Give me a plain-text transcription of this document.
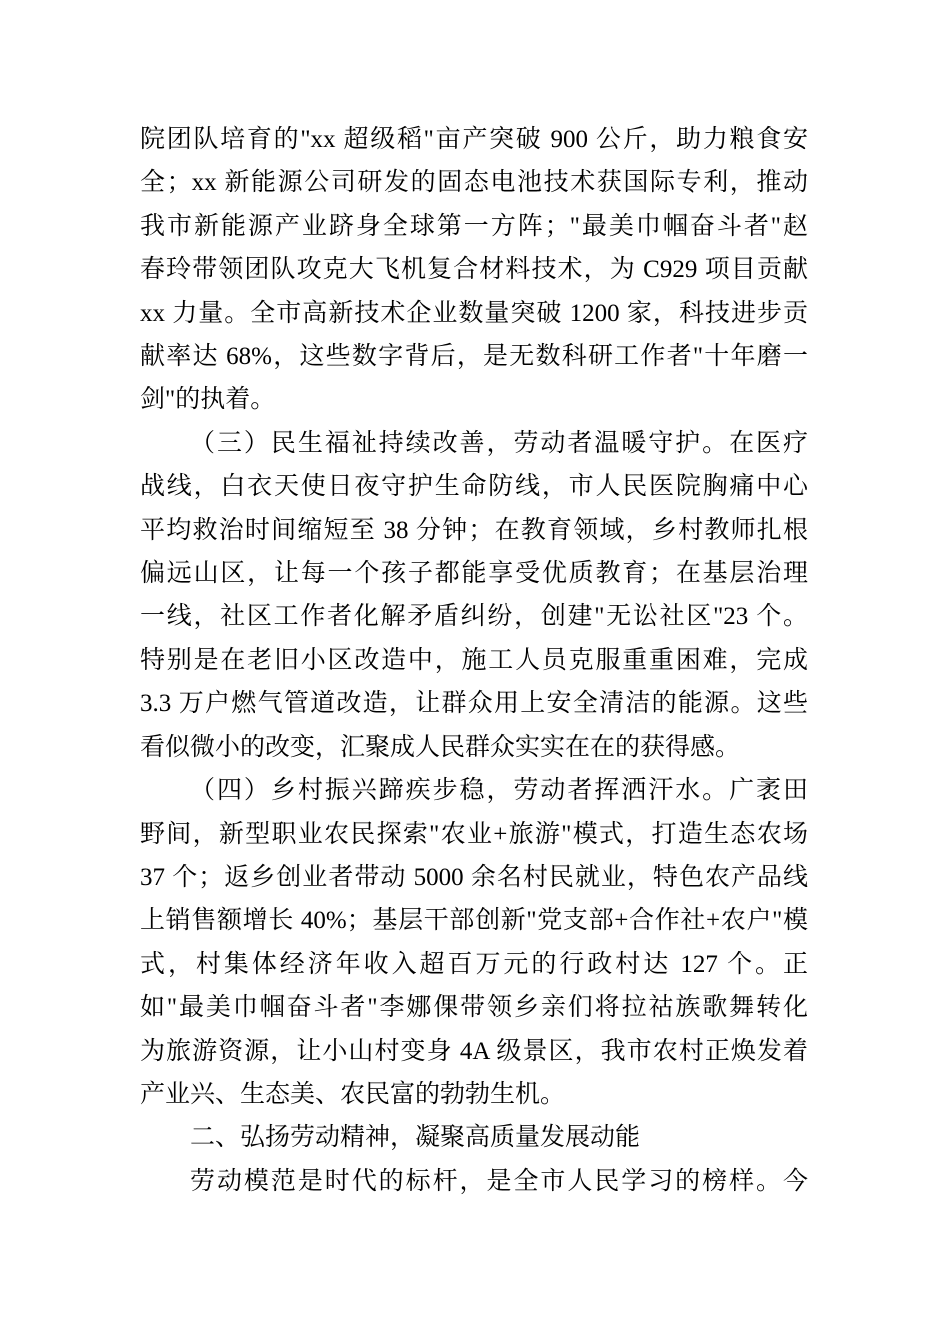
院团队培育的"xx 超级稻"亩产突破 900 公斤，助力粮食安
全；xx 新能源公司研发的固态电池技术获国际专利，推动
我市新能源产业跻身全球第一方阵；"最美巾帼奋斗者"赵
春玲带领团队攻克大飞机复合材料技术，为 C929 项目贡献
xx 力量。全市高新技术企业数量突破 1200 家，科技进步贡
献率达 68%，这些数字背后，是无数科研工作者"十年磨一
剑"的执着。
（三）民生福祉持续改善，劳动者温暖守护。在医疗
战线，白衣天使日夜守护生命防线，市人民医院胸痛中心
平均救治时间缩短至 38 分钟；在教育领域，乡村教师扎根
偏远山区，让每一个孩子都能享受优质教育；在基层治理
一线，社区工作者化解矛盾纠纷，创建"无讼社区"23 个。
特别是在老旧小区改造中，施工人员克服重重困难，完成
3.3 万户燃气管道改造，让群众用上安全清洁的能源。这些
看似微小的改变，汇聚成人民群众实实在在的获得感。
（四）乡村振兴蹄疾步稳，劳动者挥洒汗水。广袤田
野间，新型职业农民探索"农业+旅游"模式，打造生态农场
37 个；返乡创业者带动 5000 余名村民就业，特色农产品线
上销售额增长 40%；基层干部创新"党支部+合作社+农户"模
式，村集体经济年收入超百万元的行政村达 127 个。正
如"最美巾帼奋斗者"李娜倮带领乡亲们将拉祜族歌舞转化
为旅游资源，让小山村变身 4A 级景区，我市农村正焕发着
产业兴、生态美、农民富的勃勃生机。
二、弘扬劳动精神，凝聚高质量发展动能
劳动模范是时代的标杆，是全市人民学习的榜样。今
